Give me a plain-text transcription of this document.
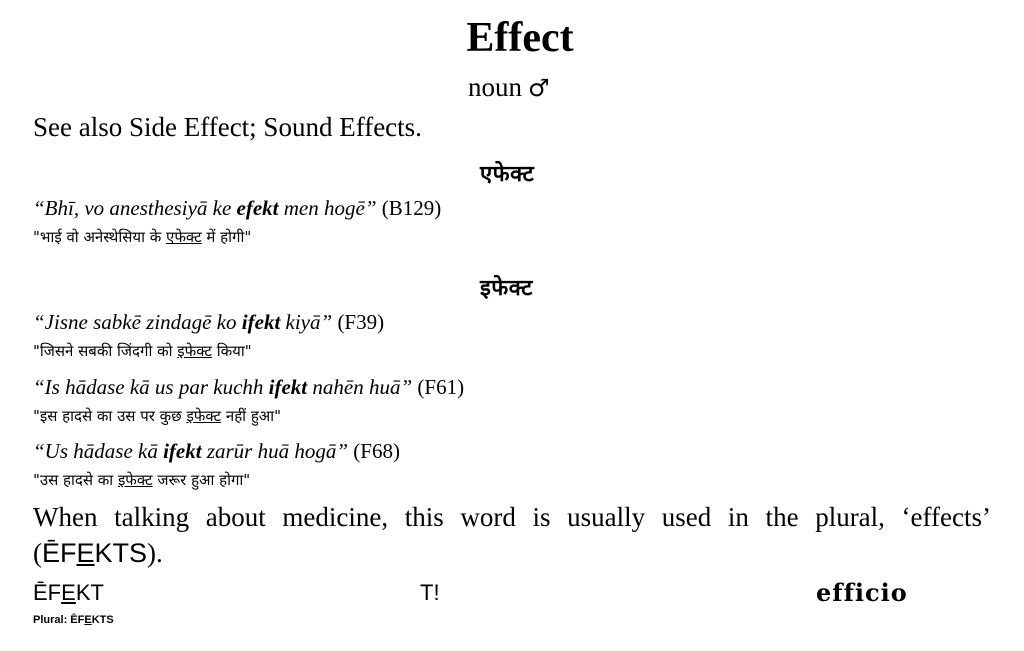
Effect
noun ♂
See also Side Effect; Sound Effects.
एफेक्ट
“Bhī, vo anesthesiyā ke efekt men hogē” (B129)
"भाई वो अनेस्थेसिया के एफेक्ट में होगी"
इफेक्ट
“Jisne sabkē zindagē ko ifekt kiyā” (F39)
"जिसने सबकी जिंदगी को इफेक्ट किया"
“Is hādase kā us par kuchh ifekt nahēn huā” (F61)
"इस हादसे का उस पर कुछ इफेक्ट नहीं हुआ"
“Us hādase kā ifekt zarūr huā hogā” (F68)
"उस हादसे का इफेक्ट जरूर हुआ होगा"
When talking about medicine, this word is usually used in the plural, ‘effects’ (ĒFEKTS).
ĒFEKT	T!	efficio
Plural: ĒFEKTS
